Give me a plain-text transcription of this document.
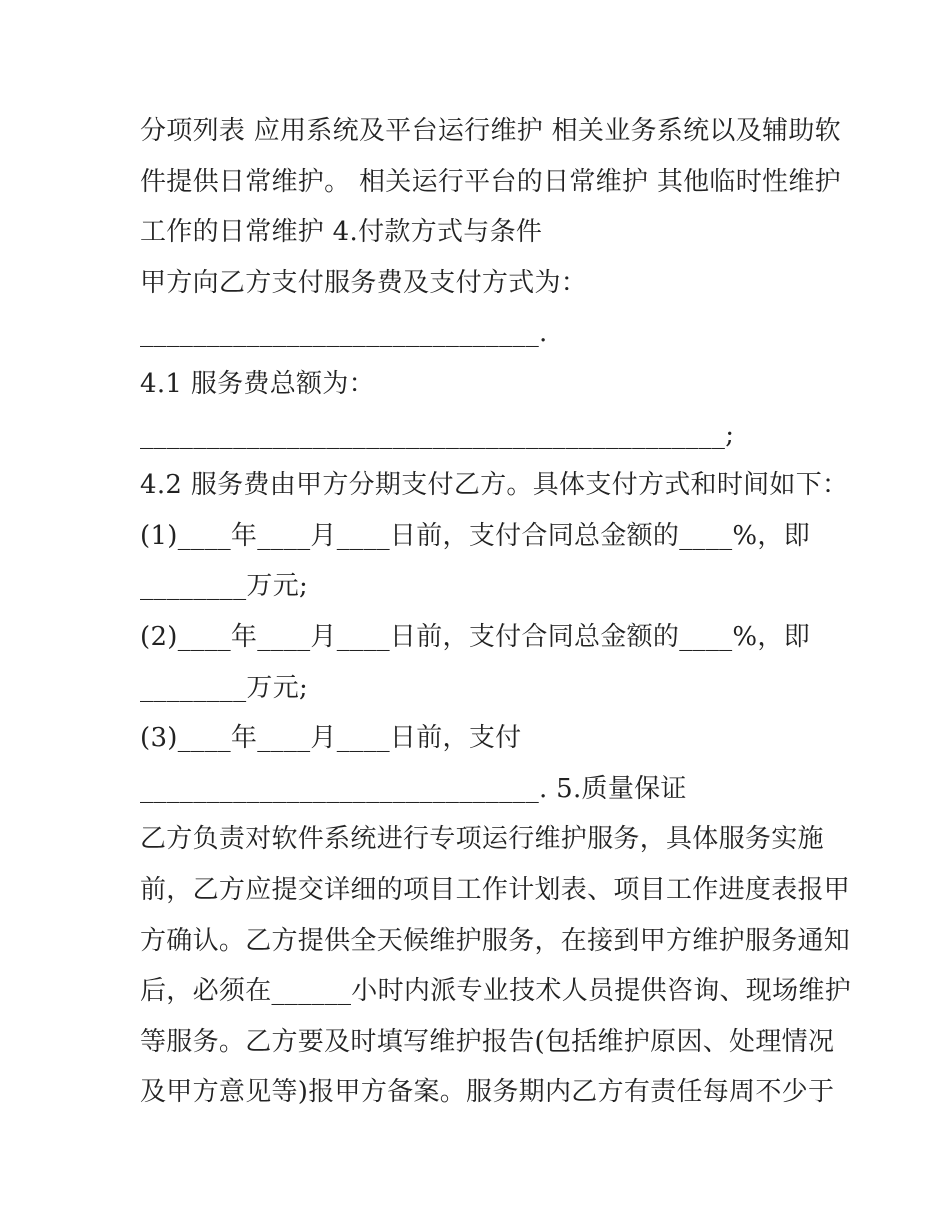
分项列表 应用系统及平台运行维护 相关业务系统以及辅助软
件提供日常维护。 相关运行平台的日常维护 其他临时性维护
工作的日常维护 4.付款方式与条件
甲方向乙方支付服务费及支付方式为：
______________________________.
4.1 服务费总额为：
____________________________________________;
4.2 服务费由甲方分期支付乙方。具体支付方式和时间如下：
(1)____年____月____日前，支付合同总金额的____%，即
________万元;
(2)____年____月____日前，支付合同总金额的____%，即
________万元;
(3)____年____月____日前，支付
______________________________. 5.质量保证
乙方负责对软件系统进行专项运行维护服务，具体服务实施
前，乙方应提交详细的项目工作计划表、项目工作进度表报甲
方确认。乙方提供全天候维护服务，在接到甲方维护服务通知
后，必须在______小时内派专业技术人员提供咨询、现场维护
等服务。乙方要及时填写维护报告(包括维护原因、处理情况
及甲方意见等)报甲方备案。服务期内乙方有责任每周不少于
